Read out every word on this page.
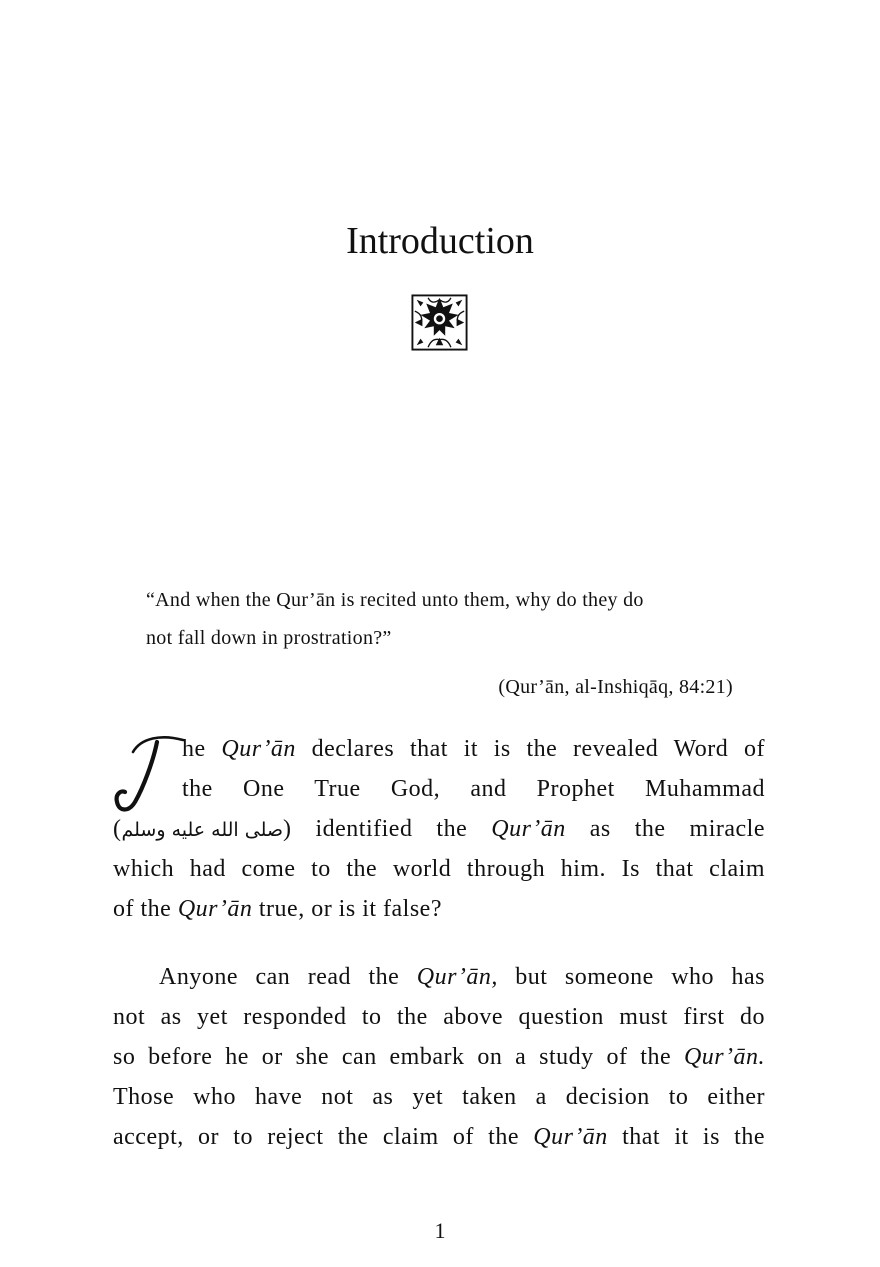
Introduction
“And when the Qur’ān is recited unto them, why do they do
not fall down in prostration?”
(Qur’ān, al-Inshiqāq, 84:21)
T
he Qur’ān declares that it is the revealed Word of
the One True God, and Prophet Muhammad
(صلى الله عليه وسلم) identified the Qur’ān as the miracle
which had come to the world through him. Is that claim
of the Qur’ān true, or is it false?
Anyone can read the Qur’ān, but someone who has
not as yet responded to the above question must first do
so before he or she can embark on a study of the Qur’ān.
Those who have not as yet taken a decision to either
accept, or to reject the claim of the Qur’ān that it is the
1
